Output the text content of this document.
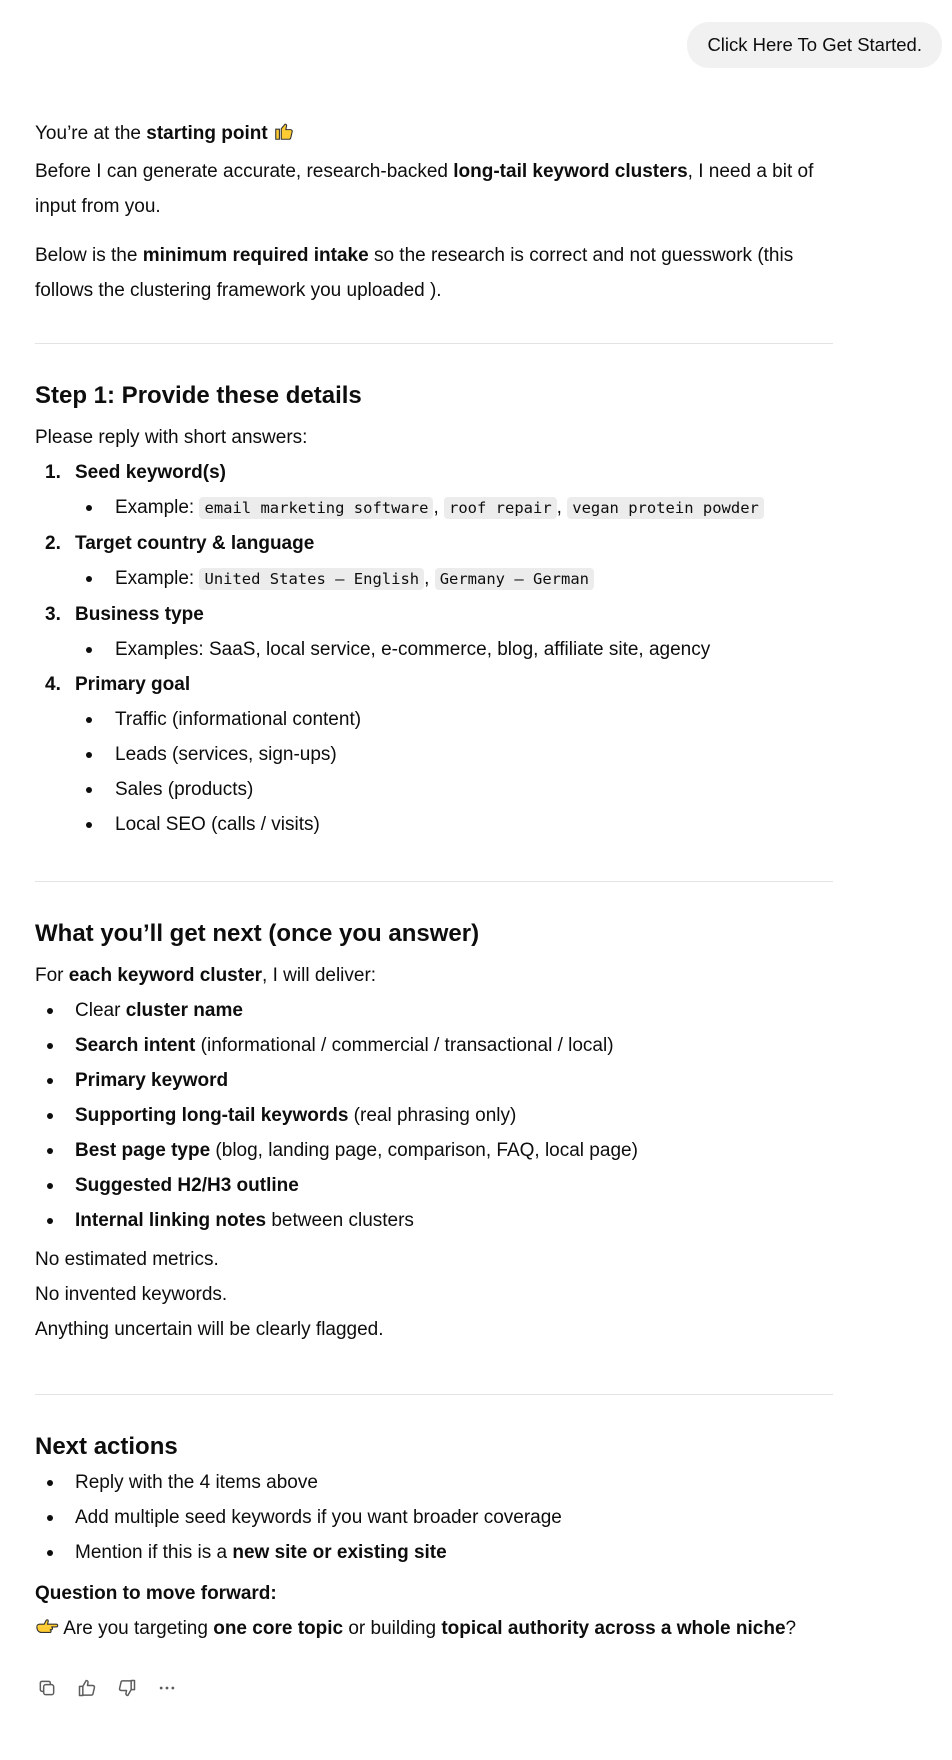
Click Here To Get Started.

You’re at the starting point

Before I can generate accurate, research-backed long-tail keyword clusters, I need a bit of input from you.

Below is the minimum required intake so the research is correct and not guesswork (this follows the clustering framework you uploaded ).

Step 1: Provide these details

Please reply with short answers:

1. Seed keyword(s)
Example: email marketing software , roof repair , vegan protein powder
2. Target country & language
Example: United States – English , Germany – German
3. Business type
Examples: SaaS, local service, e-commerce, blog, affiliate site, agency
4. Primary goal
Traffic (informational content)
Leads (services, sign-ups)
Sales (products)
Local SEO (calls / visits)
What you’ll get next (once you answer)

For each keyword cluster, I will deliver:

Clear cluster name
Search intent (informational / commercial / transactional / local)
Primary keyword
Supporting long-tail keywords (real phrasing only)
Best page type (blog, landing page, comparison, FAQ, local page)
Suggested H2/H3 outline
Internal linking notes between clusters

No estimated metrics.

No invented keywords.

Anything uncertain will be clearly flagged.

Next actions
Reply with the 4 items above
Add multiple seed keywords if you want broader coverage
Mention if this is a new site or existing site

Question to move forward:

Are you targeting one core topic or building topical authority across a whole niche?
